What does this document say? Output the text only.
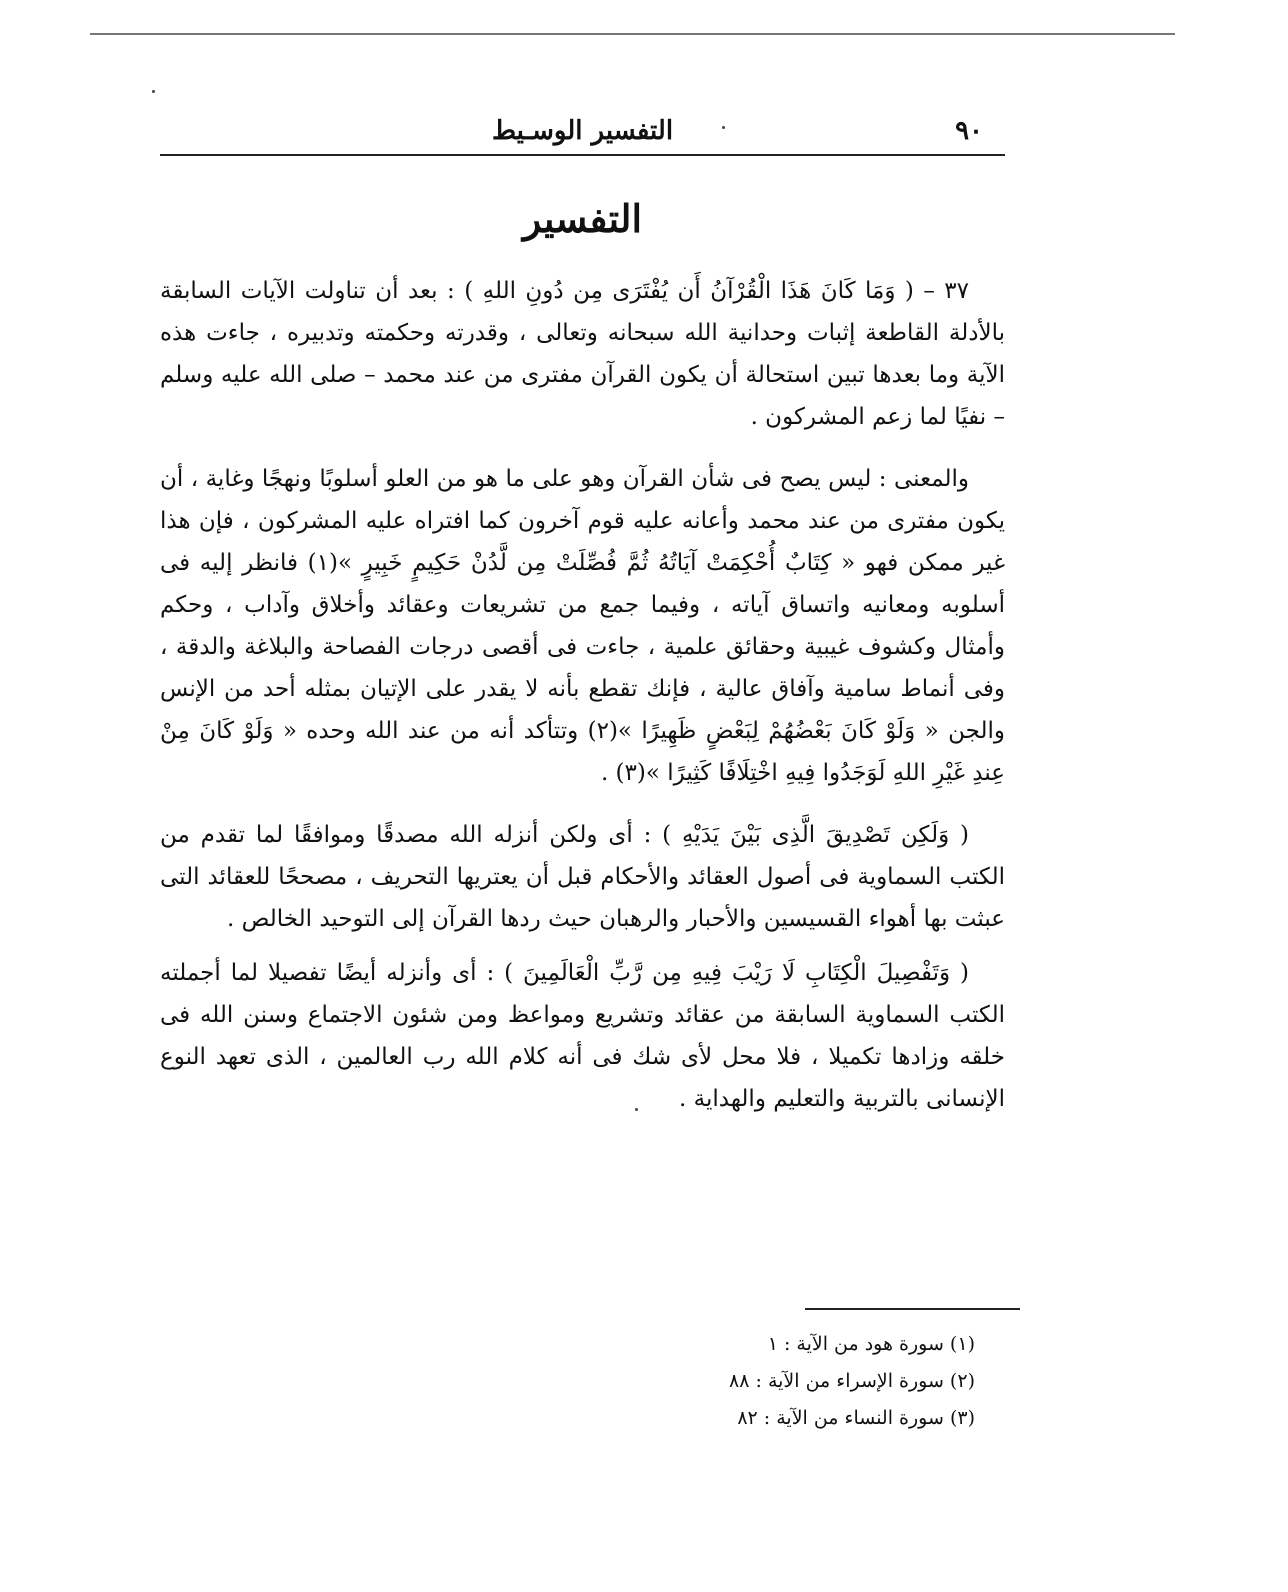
٩٠
التفسير الوسـيط
التفسير

٣٧ – ( وَمَا كَانَ هَذَا الْقُرْآنُ أَن يُفْتَرَى مِن دُونِ اللهِ ) : بعد أن تناولت الآيات السابقة بالأدلة القاطعة إثبات وحدانية الله سبحانه وتعالى ، وقدرته وحكمته وتدبيره ، جاءت هذه الآية وما بعدها تبين استحالة أن يكون القرآن مفترى من عند محمد – صلى الله عليه وسلم – نفيًا لما زعم المشركون .

والمعنى : ليس يصح فى شأن القرآن وهو على ما هو من العلو أسلوبًا ونهجًا وغاية ، أن يكون مفترى من عند محمد وأعانه عليه قوم آخرون كما افتراه عليه المشركون ، فإن هذا غير ممكن فهو « كِتَابٌ أُحْكِمَتْ آيَاتُهُ ثُمَّ فُصِّلَتْ مِن لَّدُنْ حَكِيمٍ خَبِيرٍ »(١) فانظر إليه فى أسلوبه ومعانيه واتساق آياته ، وفيما جمع من تشريعات وعقائد وأخلاق وآداب ، وحكم وأمثال وكشوف غيبية وحقائق علمية ، جاءت فى أقصى درجات الفصاحة والبلاغة والدقة ، وفى أنماط سامية وآفاق عالية ، فإنك تقطع بأنه لا يقدر على الإتيان بمثله أحد من الإنس والجن « وَلَوْ كَانَ بَعْضُهُمْ لِبَعْضٍ ظَهِيرًا »(٢) وتتأكد أنه من عند الله وحده « وَلَوْ كَانَ مِنْ عِندِ غَيْرِ اللهِ لَوَجَدُوا فِيهِ اخْتِلَافًا كَثِيرًا »(٣) .

( وَلَكِن تَصْدِيقَ الَّذِى بَيْنَ يَدَيْهِ ) : أى ولكن أنزله الله مصدقًا وموافقًا لما تقدم من الكتب السماوية فى أصول العقائد والأحكام قبل أن يعتريها التحريف ، مصححًا للعقائد التى عبثت بها أهواء القسيسين والأحبار والرهبان حيث ردها القرآن إلى التوحيد الخالص .

( وَتَفْصِيلَ الْكِتَابِ لَا رَيْبَ فِيهِ مِن رَّبِّ الْعَالَمِينَ ) : أى وأنزله أيضًا تفصيلا لما أجملته الكتب السماوية السابقة من عقائد وتشريع ومواعظ ومن شئون الاجتماع وسنن الله فى خلقه وزادها تكميلا ، فلا محل لأى شك فى أنه كلام الله رب العالمين ، الذى تعهد النوع الإنسانى بالتربية والتعليم والهداية .

(١) سورة هود من الآية : ١

(٢) سورة الإسراء من الآية : ٨٨

(٣) سورة النساء من الآية : ٨٢
